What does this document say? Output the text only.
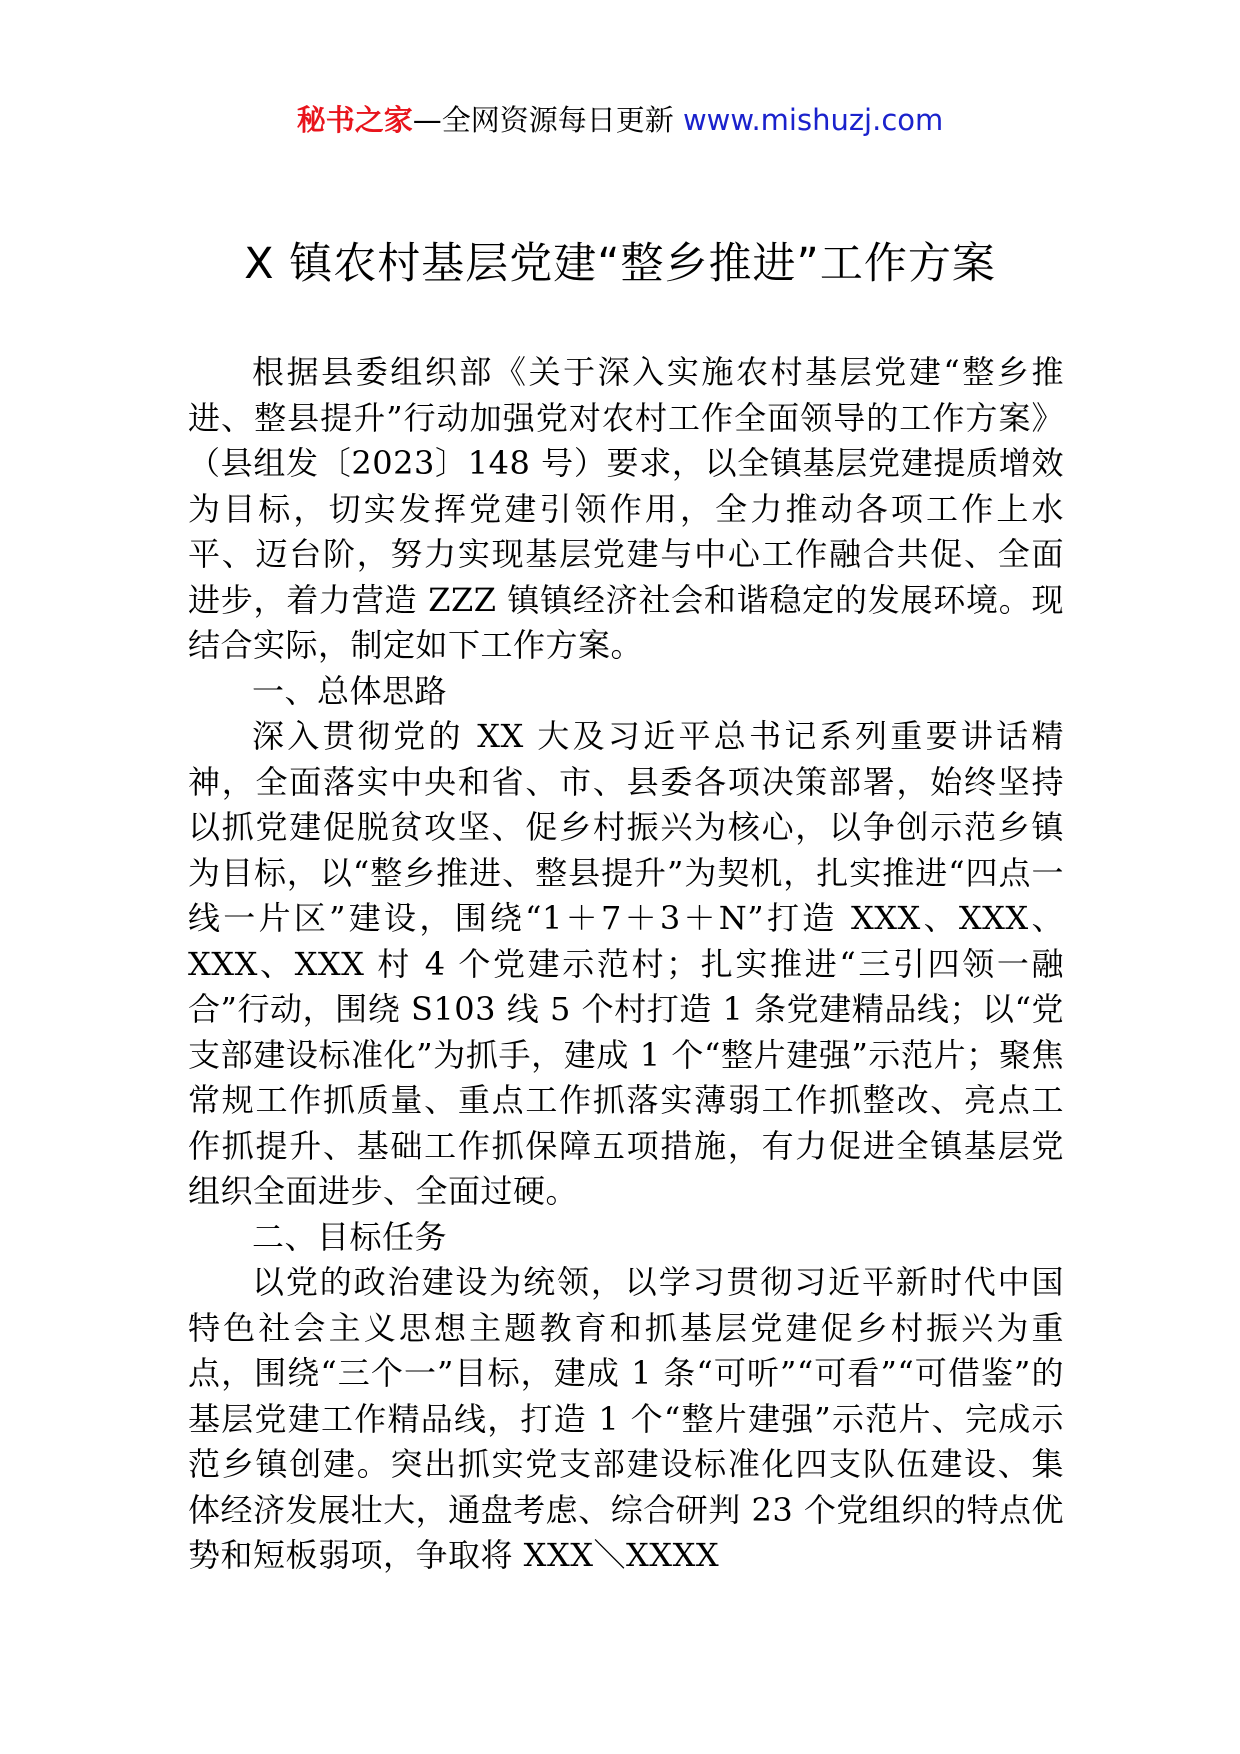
秘书之家—全网资源每日更新 www.mishuzj.com
X 镇农村基层党建“整乡推进”工作方案

根据县委组织部《关于深入实施农村基层党建“整乡推进、整县提升”行动加强党对农村工作全面领导的工作方案》（县组发〔2023〕148 号）要求，以全镇基层党建提质增效为目标，切实发挥党建引领作用，全力推动各项工作上水平、迈台阶，努力实现基层党建与中心工作融合共促、全面进步，着力营造 ZZZ 镇镇经济社会和谐稳定的发展环境。现结合实际，制定如下工作方案。

一、总体思路

深入贯彻党的 XX 大及习近平总书记系列重要讲话精神，全面落实中央和省、市、县委各项决策部署，始终坚持以抓党建促脱贫攻坚、促乡村振兴为核心，以争创示范乡镇为目标，以“整乡推进、整县提升”为契机，扎实推进“四点一线一片区”建设，围绕“1＋7＋3＋N”打造 XXX、XXX、XXX、XXX 村 4 个党建示范村；扎实推进“三引四领一融合”行动，围绕 S103 线 5 个村打造 1 条党建精品线；以“党支部建设标准化”为抓手，建成 1 个“整片建强”示范片；聚焦常规工作抓质量、重点工作抓落实薄弱工作抓整改、亮点工作抓提升、基础工作抓保障五项措施，有力促进全镇基层党组织全面进步、全面过硬。

二、目标任务

以党的政治建设为统领，以学习贯彻习近平新时代中国特色社会主义思想主题教育和抓基层党建促乡村振兴为重点，围绕“三个一”目标，建成 1 条“可听”“可看”“可借鉴”的基层党建工作精品线，打造 1 个“整片建强”示范片、完成示范乡镇创建。突出抓实党支部建设标准化四支队伍建设、集体经济发展壮大，通盘考虑、综合研判 23 个党组织的特点优势和短板弱项，争取将 XXX＼XXXX
